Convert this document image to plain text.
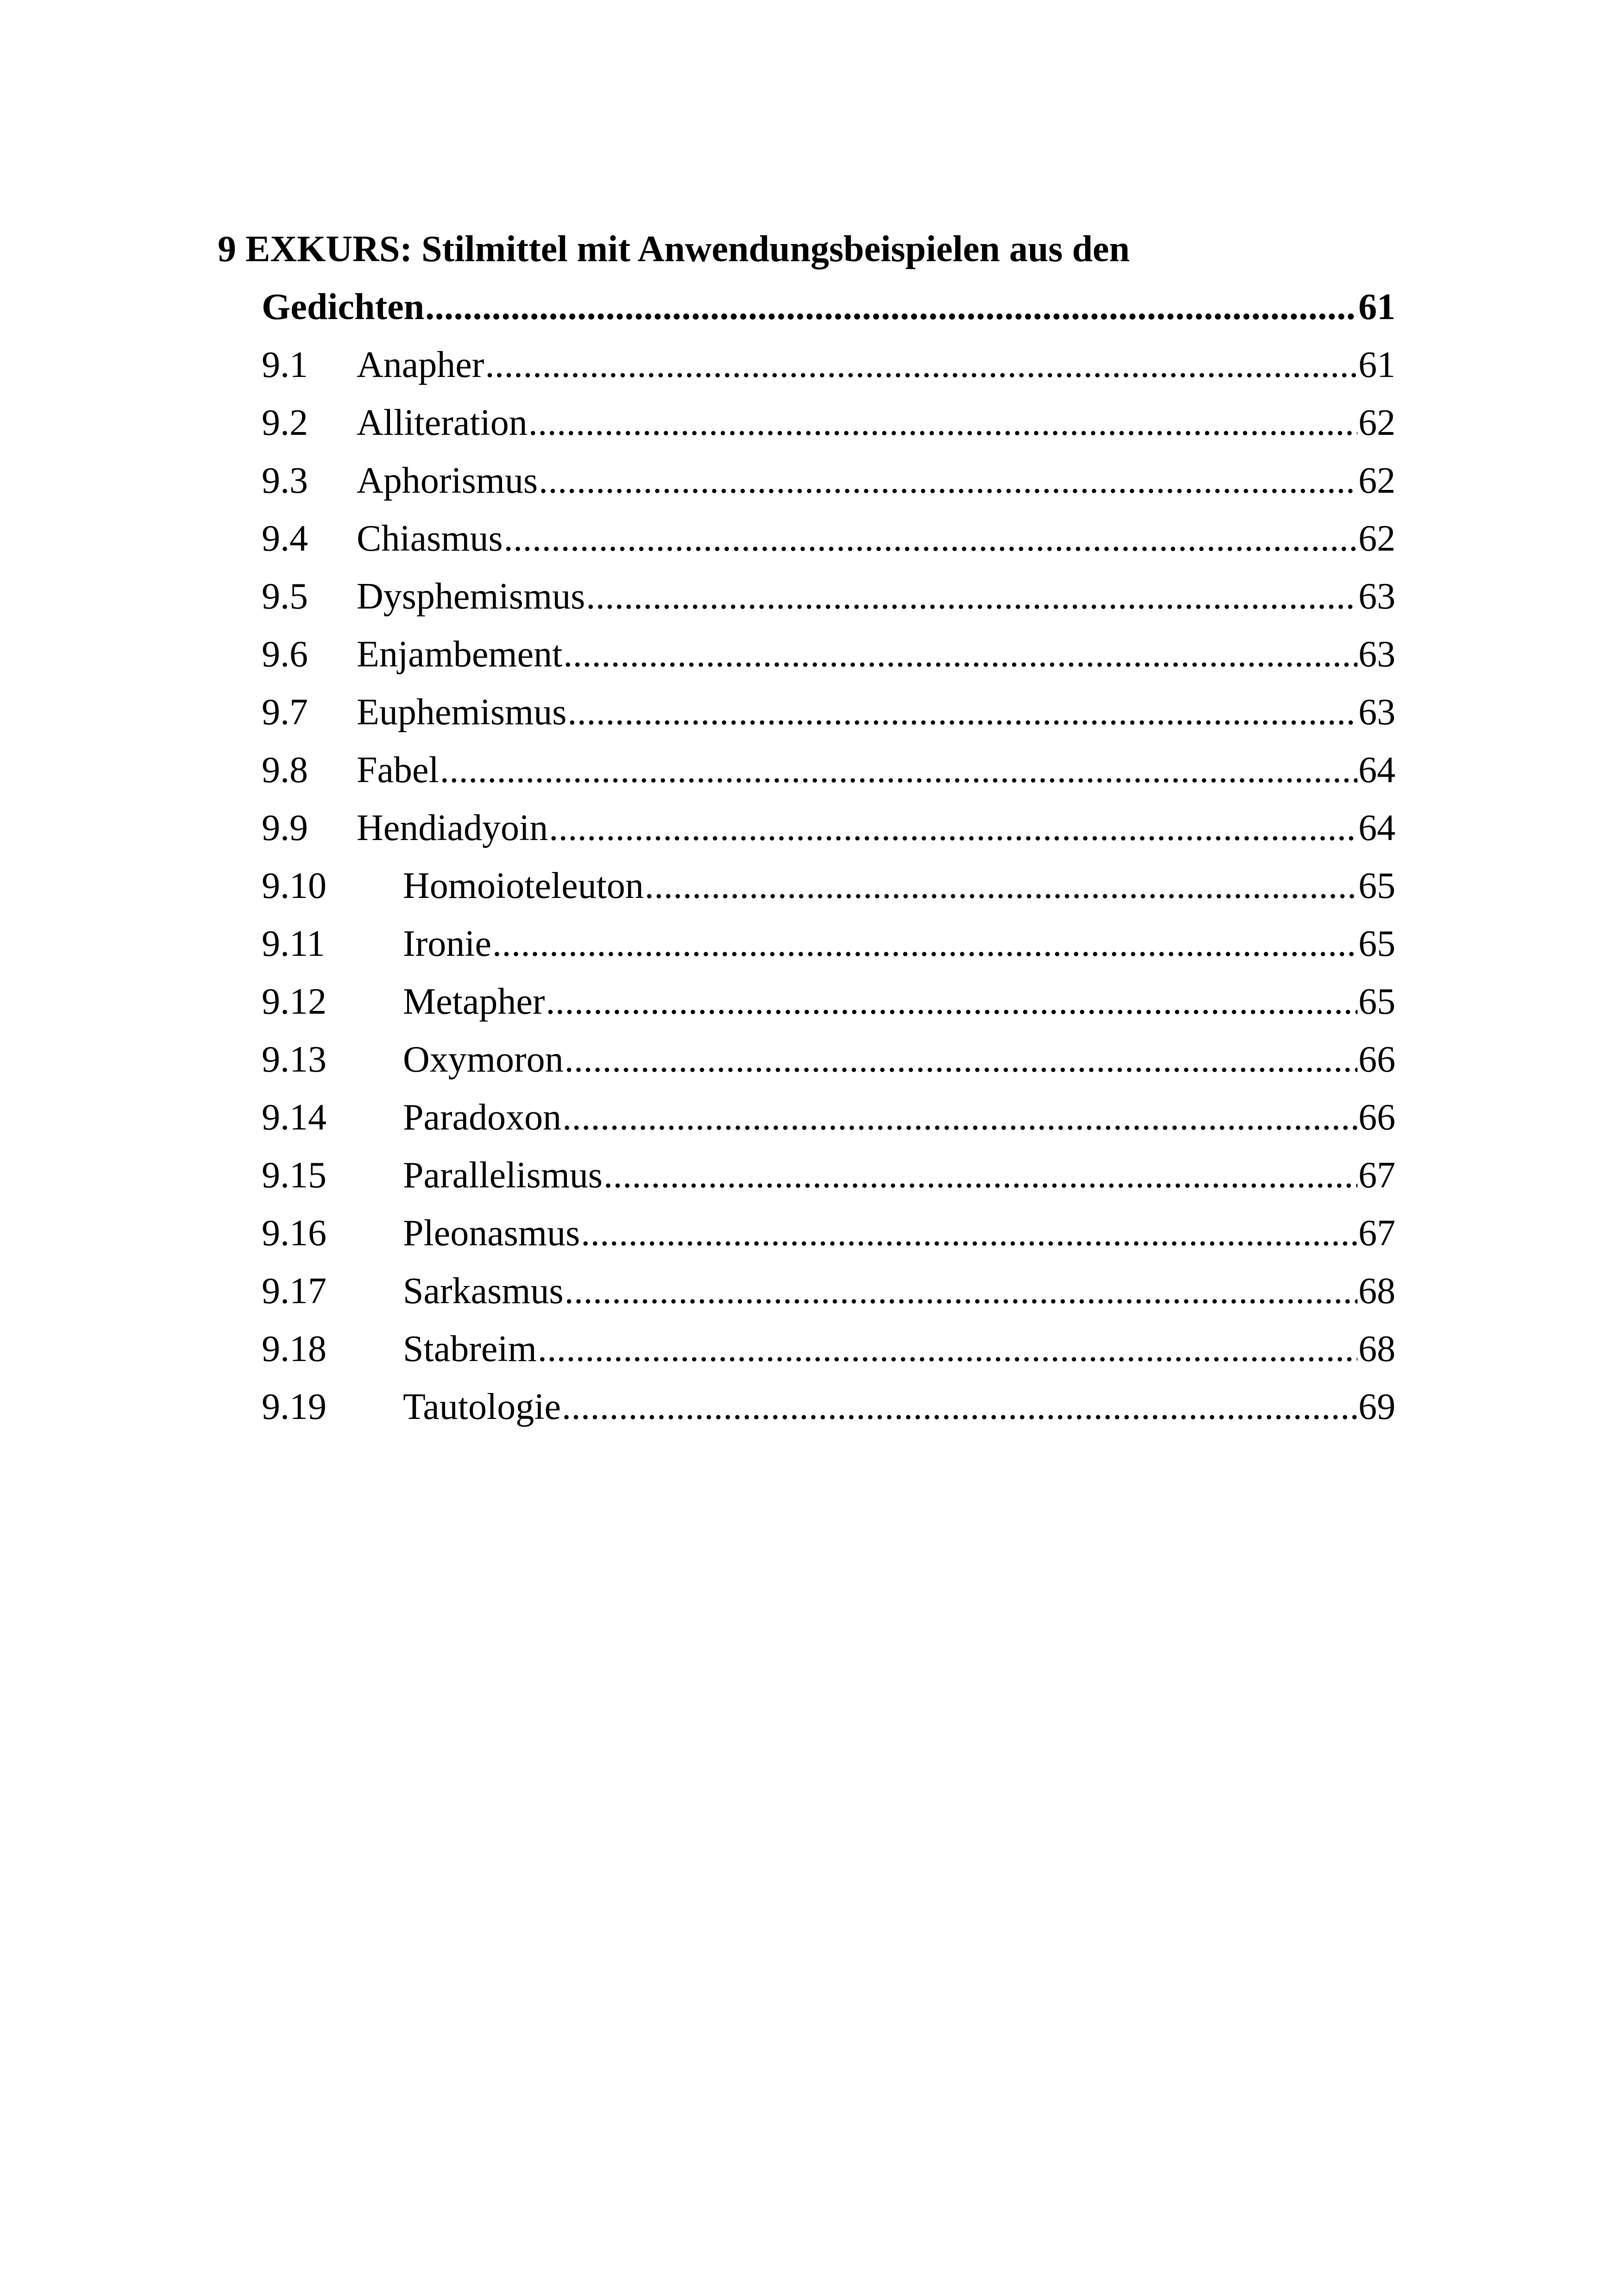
9 EXKURS: Stilmittel mit Anwendungsbeispielen aus den
Gedichten .....	61
9.1	Anapher .....	61
9.2	Alliteration .....	62
9.3	Aphorismus .....	62
9.4	Chiasmus .....	62
9.5	Dysphemismus .....	63
9.6	Enjambement .....	63
9.7	Euphemismus .....	63
9.8	Fabel .....	64
9.9	Hendiadyoin .....	64
9.10	Homoioteleuton .....	65
9.11	Ironie .....	65
9.12	Metapher .....	65
9.13	Oxymoron .....	66
9.14	Paradoxon .....	66
9.15	Parallelismus .....	67
9.16	Pleonasmus .....	67
9.17	Sarkasmus .....	68
9.18	Stabreim .....	68
9.19	Tautologie .....	69
